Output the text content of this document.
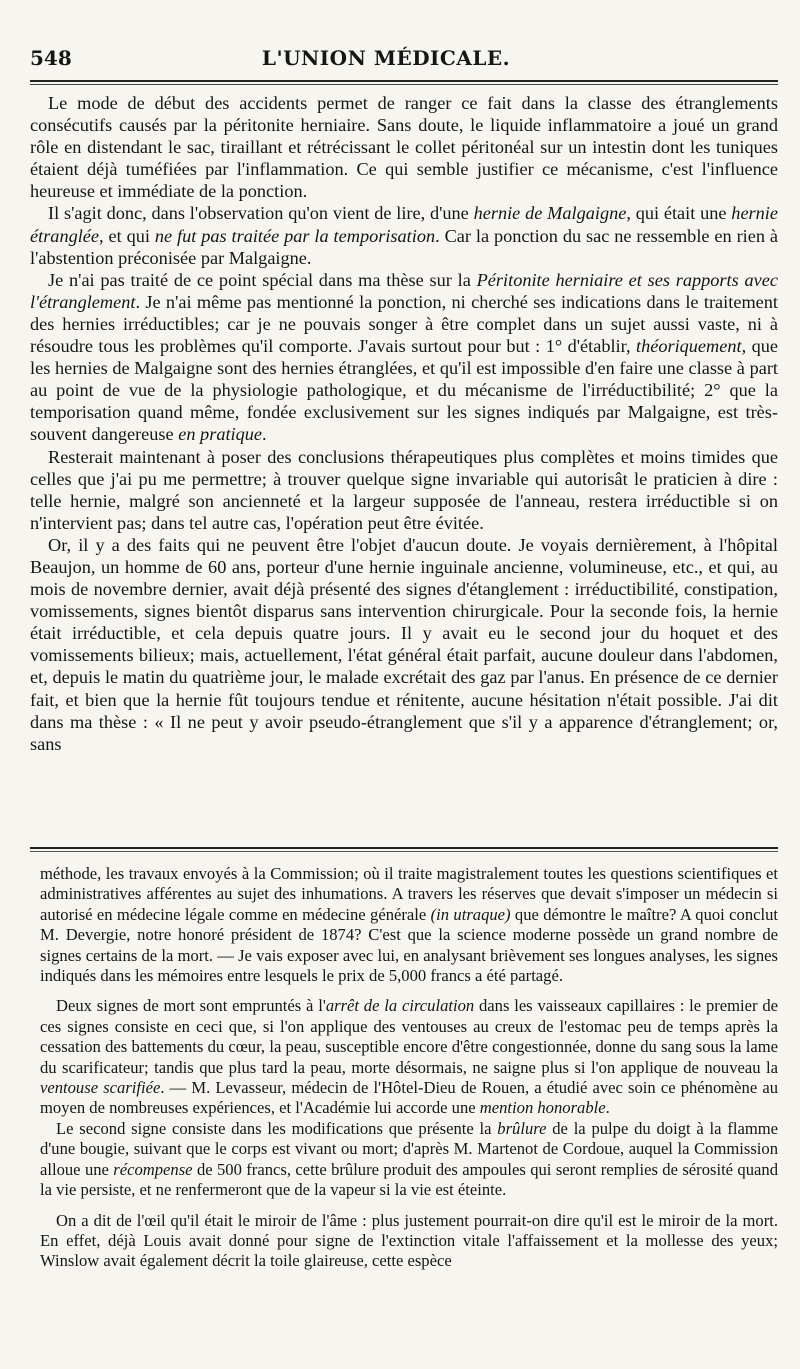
548	L'UNION MÉDICALE.

Le mode de début des accidents permet de ranger ce fait dans la classe des étranglements consécutifs causés par la péritonite herniaire. Sans doute, le liquide inflammatoire a joué un grand rôle en distendant le sac, tiraillant et rétrécissant le collet péritonéal sur un intestin dont les tuniques étaient déjà tuméfiées par l'inflammation. Ce qui semble justifier ce mécanisme, c'est l'influence heureuse et immédiate de la ponction.

Il s'agit donc, dans l'observation qu'on vient de lire, d'une hernie de Malgaigne, qui était une hernie étranglée, et qui ne fut pas traitée par la temporisation. Car la ponction du sac ne ressemble en rien à l'abstention préconisée par Malgaigne.

Je n'ai pas traité de ce point spécial dans ma thèse sur la Péritonite herniaire et ses rapports avec l'étranglement. Je n'ai même pas mentionné la ponction, ni cherché ses indications dans le traitement des hernies irréductibles; car je ne pouvais songer à être complet dans un sujet aussi vaste, ni à résoudre tous les problèmes qu'il comporte. J'avais surtout pour but : 1° d'établir, théoriquement, que les hernies de Malgaigne sont des hernies étranglées, et qu'il est impossible d'en faire une classe à part au point de vue de la physiologie pathologique, et du mécanisme de l'irréductibilité; 2° que la temporisation quand même, fondée exclusivement sur les signes indiqués par Malgaigne, est très-souvent dangereuse en pratique.

Resterait maintenant à poser des conclusions thérapeutiques plus complètes et moins timides que celles que j'ai pu me permettre; à trouver quelque signe invariable qui autorisât le praticien à dire : telle hernie, malgré son ancienneté et la largeur supposée de l'anneau, restera irréductible si on n'intervient pas; dans tel autre cas, l'opération peut être évitée.

Or, il y a des faits qui ne peuvent être l'objet d'aucun doute. Je voyais dernièrement, à l'hôpital Beaujon, un homme de 60 ans, porteur d'une hernie inguinale ancienne, volumineuse, etc., et qui, au mois de novembre dernier, avait déjà présenté des signes d'étanglement : irréductibilité, constipation, vomissements, signes bientôt disparus sans intervention chirurgicale. Pour la seconde fois, la hernie était irréductible, et cela depuis quatre jours. Il y avait eu le second jour du hoquet et des vomissements bilieux; mais, actuellement, l'état général était parfait, aucune douleur dans l'abdomen, et, depuis le matin du quatrième jour, le malade excrétait des gaz par l'anus. En présence de ce dernier fait, et bien que la hernie fût toujours tendue et rénitente, aucune hésitation n'était possible. J'ai dit dans ma thèse : « Il ne peut y avoir pseudo-étranglement que s'il y a apparence d'étranglement; or, sans

méthode, les travaux envoyés à la Commission; où il traite magistralement toutes les questions scientifiques et administratives afférentes au sujet des inhumations. A travers les réserves que devait s'imposer un médecin si autorisé en médecine légale comme en médecine générale (in utraque) que démontre le maître? A quoi conclut M. Devergie, notre honoré président de 1874? C'est que la science moderne possède un grand nombre de signes certains de la mort. — Je vais exposer avec lui, en analysant brièvement ses longues analyses, les signes indiqués dans les mémoires entre lesquels le prix de 5,000 francs a été partagé.

Deux signes de mort sont empruntés à l'arrêt de la circulation dans les vaisseaux capillaires : le premier de ces signes consiste en ceci que, si l'on applique des ventouses au creux de l'estomac peu de temps après la cessation des battements du cœur, la peau, susceptible encore d'être congestionnée, donne du sang sous la lame du scarificateur; tandis que plus tard la peau, morte désormais, ne saigne plus si l'on applique de nouveau la ventouse scarifiée. — M. Levasseur, médecin de l'Hôtel-Dieu de Rouen, a étudié avec soin ce phénomène au moyen de nombreuses expériences, et l'Académie lui accorde une mention honorable.

Le second signe consiste dans les modifications que présente la brûlure de la pulpe du doigt à la flamme d'une bougie, suivant que le corps est vivant ou mort; d'après M. Martenot de Cordoue, auquel la Commission alloue une récompense de 500 francs, cette brûlure produit des ampoules qui seront remplies de sérosité quand la vie persiste, et ne renfermeront que de la vapeur si la vie est éteinte.

On a dit de l'œil qu'il était le miroir de l'âme : plus justement pourrait-on dire qu'il est le miroir de la mort. En effet, déjà Louis avait donné pour signe de l'extinction vitale l'affaissement et la mollesse des yeux; Winslow avait également décrit la toile glaireuse, cette espèce
